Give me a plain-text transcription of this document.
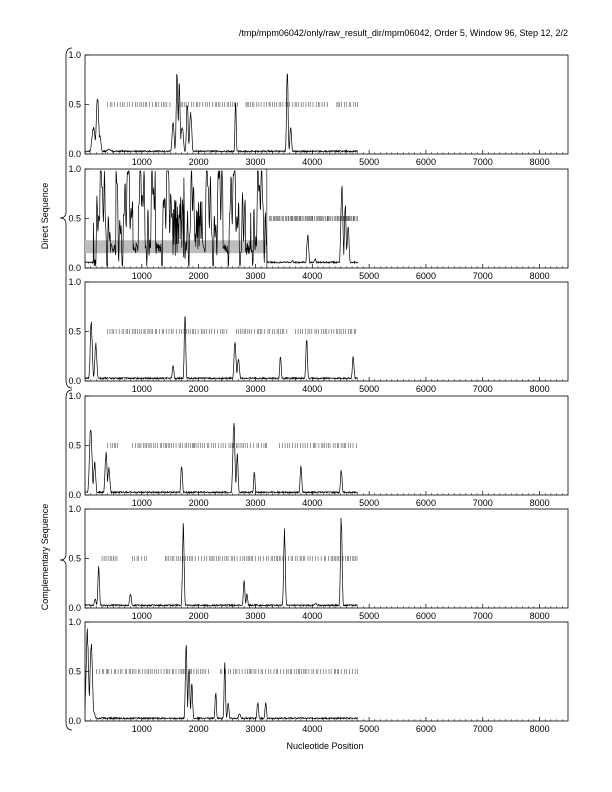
/tmp/mpm06042/only/raw_result_dir/mpm06042, Order 5, Window 96, Step 12, 2/2
0.0
0.5
1.0
1000	2000	3000	4000	5000	6000	7000	8000
0.0
0.5
1.0
1000	2000	3000	4000	5000	6000	7000	8000
0.0
0.5
1.0
1000	2000	3000	4000	5000	6000	7000	8000
0.0
0.5
1.0
1000	2000	3000	4000	5000	6000	7000	8000
0.0
0.5
1.0
1000	2000	3000	4000	5000	6000	7000	8000
0.0
0.5
1.0
1000	2000	3000	4000	5000	6000	7000	8000
Direct Sequence
Complementary Sequence
Nucleotide Position
